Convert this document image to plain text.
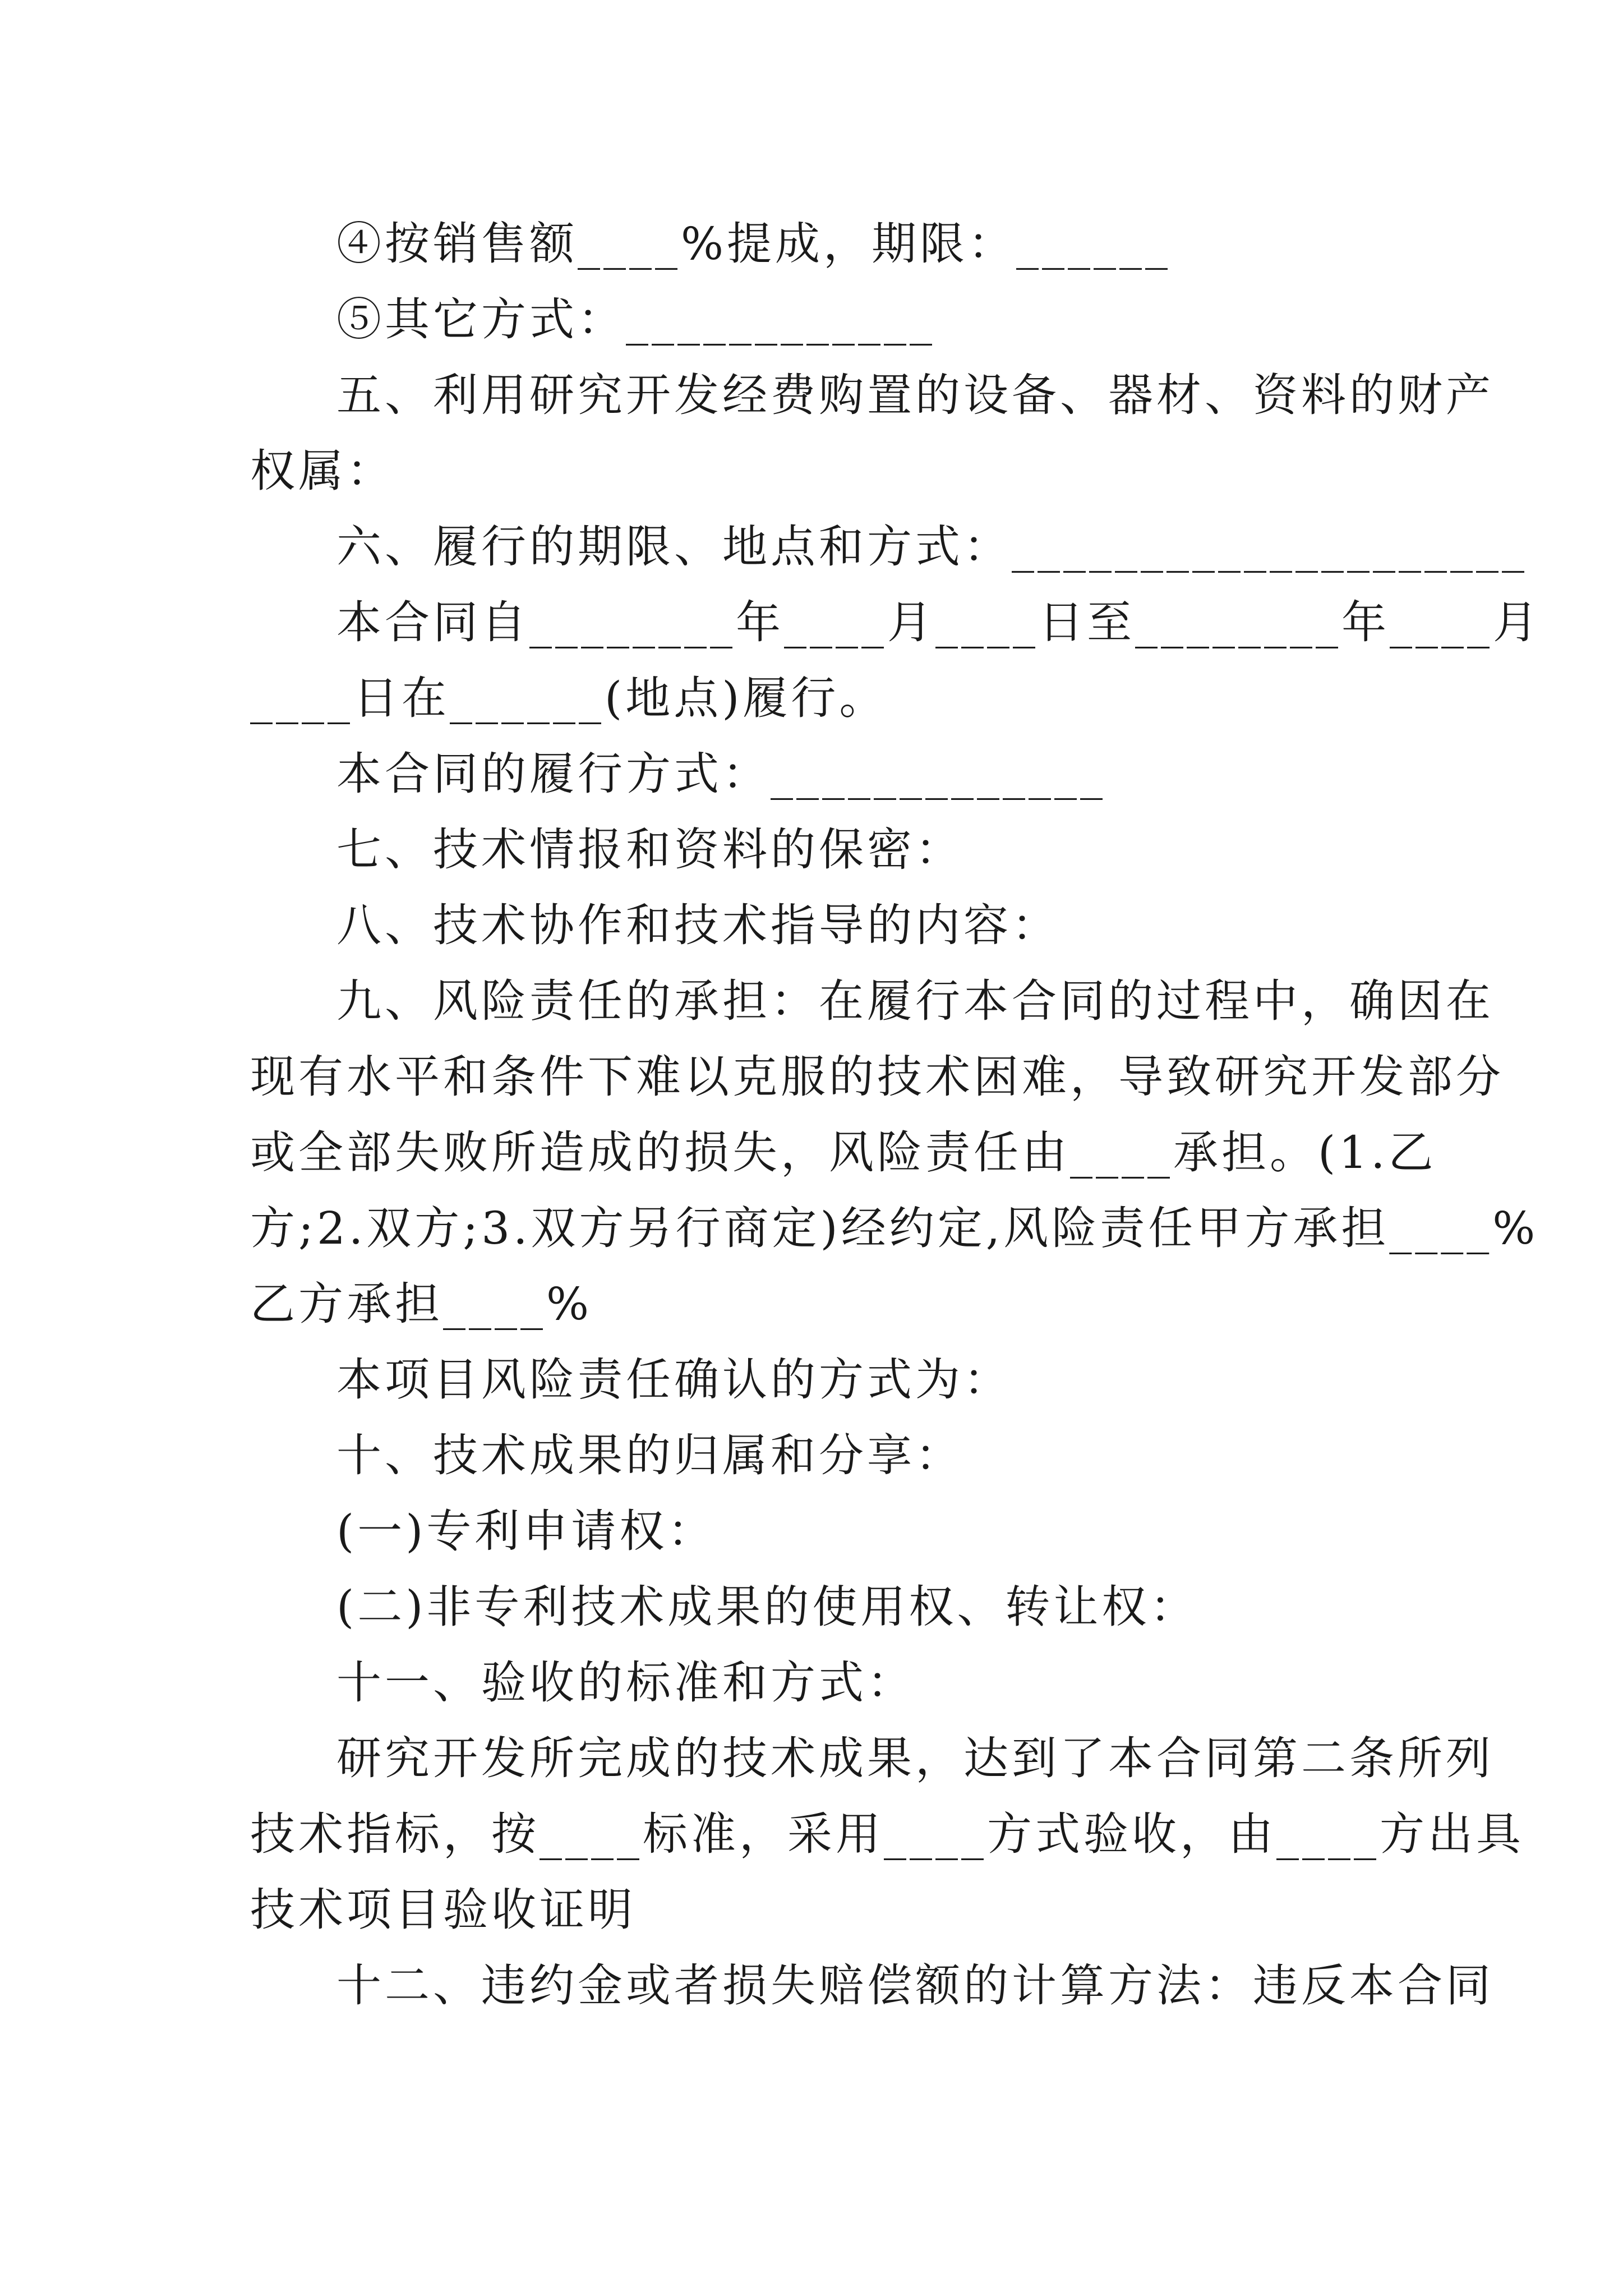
④按销售额____%提成，期限：______
⑤其它方式：____________
五、利用研究开发经费购置的设备、器材、资料的财产
权属：
六、履行的期限、地点和方式：____________________
本合同自________年____月____日至________年____月
____日在______(地点)履行。
本合同的履行方式：_____________
七、技术情报和资料的保密：
八、技术协作和技术指导的内容：
九、风险责任的承担：在履行本合同的过程中，确因在
现有水平和条件下难以克服的技术困难，导致研究开发部分
或全部失败所造成的损失，风险责任由____承担。(1.乙
方;2.双方;3.双方另行商定)经约定,风险责任甲方承担____%
乙方承担____%
本项目风险责任确认的方式为：
十、技术成果的归属和分享：
(一)专利申请权：
(二)非专利技术成果的使用权、转让权：
十一、验收的标准和方式：
研究开发所完成的技术成果，达到了本合同第二条所列
技术指标，按____标准，采用____方式验收，由____方出具
技术项目验收证明
十二、违约金或者损失赔偿额的计算方法：违反本合同
